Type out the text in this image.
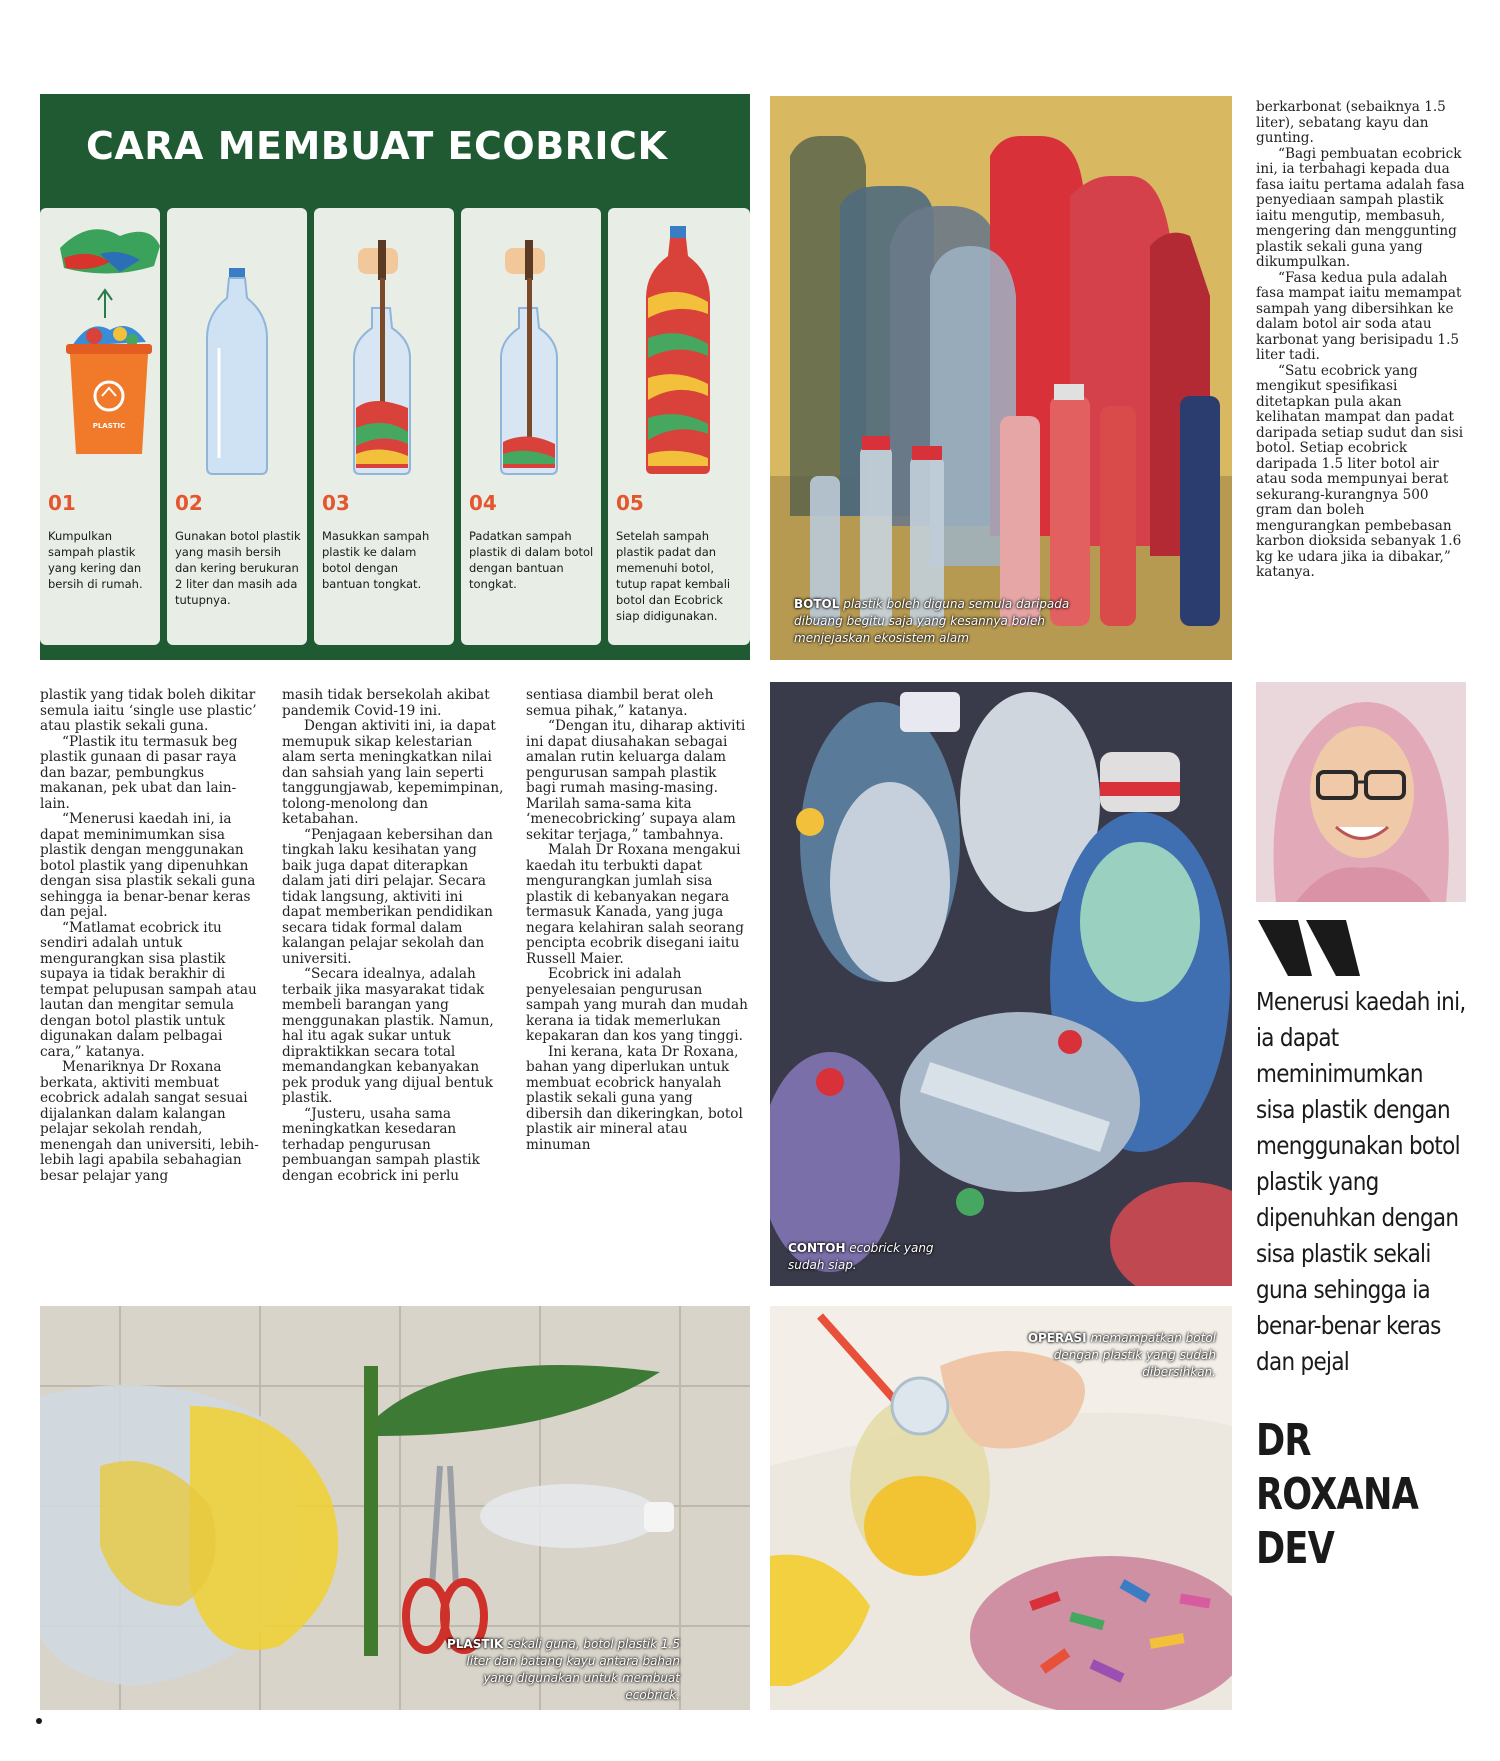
CARA MEMBUAT ECOBRICK
PLASTIC
01
Kumpulkan sampah plastik yang kering dan bersih di rumah.
02
Gunakan botol plastik yang masih bersih dan kering berukuran 2 liter dan masih ada tutupnya.
03
Masukkan sampah plastik ke dalam botol dengan bantuan tongkat.
04
Padatkan sampah plastik di dalam botol dengan bantuan tongkat.
05
Setelah sampah plastik padat dan memenuhi botol, tutup rapat kembali botol dan Ecobrick siap didigunakan.
BOTOL plastik boleh diguna semula daripada dibuang begitu saja yang kesannya boleh menjejaskan ekosistem alam

berkarbonat (sebaiknya 1.5 liter), sebatang kayu dan gunting.

“Bagi pembuatan ecobrick ini, ia terbahagi kepada dua fasa iaitu pertama adalah fasa penyediaan sampah plastik iaitu mengutip, membasuh, mengering dan menggunting plastik sekali guna yang dikumpulkan.

“Fasa kedua pula adalah fasa mampat iaitu memampat sampah yang dibersihkan ke dalam botol air soda atau karbonat yang berisipadu 1.5 liter tadi.

“Satu ecobrick yang mengikut spesifikasi ditetapkan pula akan kelihatan mampat dan padat daripada setiap sudut dan sisi botol. Setiap ecobrick daripada 1.5 liter botol air atau soda mempunyai berat sekurang-kurangnya 500 gram dan boleh mengurangkan pembebasan karbon dioksida sebanyak 1.6 kg ke udara jika ia dibakar,” katanya.

plastik yang tidak boleh dikitar semula iaitu ‘single use plastic’ atau plastik sekali guna.

“Plastik itu termasuk beg plastik gunaan di pasar raya dan bazar, pembungkus makanan, pek ubat dan lain-lain.

“Menerusi kaedah ini, ia dapat meminimumkan sisa plastik dengan menggunakan botol plastik yang dipenuhkan dengan sisa plastik sekali guna sehingga ia benar-benar keras dan pejal.

“Matlamat ecobrick itu sendiri adalah untuk mengurangkan sisa plastik supaya ia tidak berakhir di tempat pelupusan sampah atau lautan dan mengitar semula dengan botol plastik untuk digunakan dalam pelbagai cara,” katanya.

Menariknya Dr Roxana berkata, aktiviti membuat ecobrick adalah sangat sesuai dijalankan dalam kalangan pelajar sekolah rendah, menengah dan universiti, lebih-lebih lagi apabila sebahagian besar pelajar yang

masih tidak bersekolah akibat pandemik Covid-19 ini.

Dengan aktiviti ini, ia dapat memupuk sikap kelestarian alam serta meningkatkan nilai dan sahsiah yang lain seperti tanggungjawab, kepemimpinan, tolong-menolong dan ketabahan.

“Penjagaan kebersihan dan tingkah laku kesihatan yang baik juga dapat diterapkan dalam jati diri pelajar. Secara tidak langsung, aktiviti ini dapat memberikan pendidikan secara tidak formal dalam kalangan pelajar sekolah dan universiti.

“Secara idealnya, adalah terbaik jika masyarakat tidak membeli barangan yang menggunakan plastik. Namun, hal itu agak sukar untuk dipraktikkan secara total memandangkan kebanyakan pek produk yang dijual bentuk plastik.

“Justeru, usaha sama meningkatkan kesedaran terhadap pengurusan pembuangan sampah plastik dengan ecobrick ini perlu

sentiasa diambil berat oleh semua pihak,” katanya.

“Dengan itu, diharap aktiviti ini dapat diusahakan sebagai amalan rutin keluarga dalam pengurusan sampah plastik bagi rumah masing-masing. Marilah sama-sama kita ‘menecobricking’ supaya alam sekitar terjaga,” tambahnya.

Malah Dr Roxana mengakui kaedah itu terbukti dapat mengurangkan jumlah sisa plastik di kebanyakan negara termasuk Kanada, yang juga negara kelahiran salah seorang pencipta ecobrik disegani iaitu Russell Maier.

Ecobrick ini adalah penyelesaian pengurusan sampah yang murah dan mudah kerana ia tidak memerlukan kepakaran dan kos yang tinggi.

Ini kerana, kata Dr Roxana, bahan yang diperlukan untuk membuat ecobrick hanyalah plastik sekali guna yang dibersih dan dikeringkan, botol plastik air mineral atau minuman

CONTOH ecobrick yang sudah siap.
Menerusi kaedah ini, ia dapat meminimumkan sisa plastik dengan menggunakan botol plastik yang dipenuhkan dengan sisa plastik sekali guna sehingga ia benar-benar keras dan pejal
DR ROXANA
DEV
PLASTIK sekali guna, botol plastik 1.5 liter dan batang kayu antara bahan yang digunakan untuk membuat ecobrick.
OPERASI memampatkan botol dengan plastik yang sudah dibersihkan.
